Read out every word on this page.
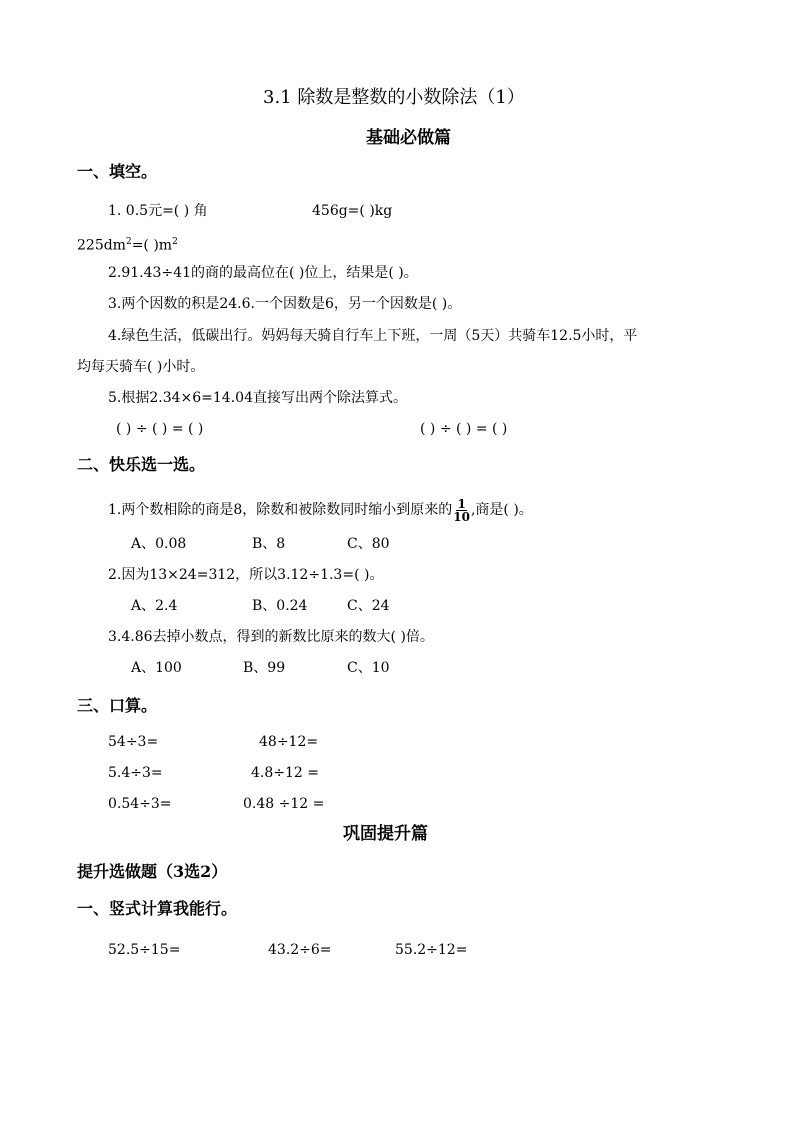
3.1 除数是整数的小数除法（1）
基础必做篇
一、填空。
1. 0.5元=( ) 角	456g=( )kg
$225dm^2=$( )$m^2$
2.91.43÷41的商的最高位在( )位上，结果是( )。
3.两个因数的积是24.6.一个因数是6，另一个因数是( )。
4.绿色生活，低碳出行。妈妈每天骑自行车上下班，一周（5天）共骑车12.5小时，平
均每天骑车( )小时。
5.根据2.34×6=14.04直接写出两个除法算式。
( ) ÷ ( ) = ( )	( ) ÷ ( ) = ( )
二、快乐选一选。
1.两个数相除的商是8，除数和被除数同时缩小到原来的 $\frac{1}{10}$ ,商是( )。
A、0.08	B、8	C、80
2.因为13×24=312，所以3.12÷1.3=( )。
A、2.4	B、0.24	C、24
3.4.86去掉小数点，得到的新数比原来的数大( )倍。
A、100	B、99	C、10
三、口算。
54÷3=	48÷12=
5.4÷3=	4.8÷12 =
0.54÷3=	0.48 ÷12 =
巩固提升篇
提升选做题（3选2）
一、竖式计算我能行。
52.5÷15=	43.2÷6=	55.2÷12=
